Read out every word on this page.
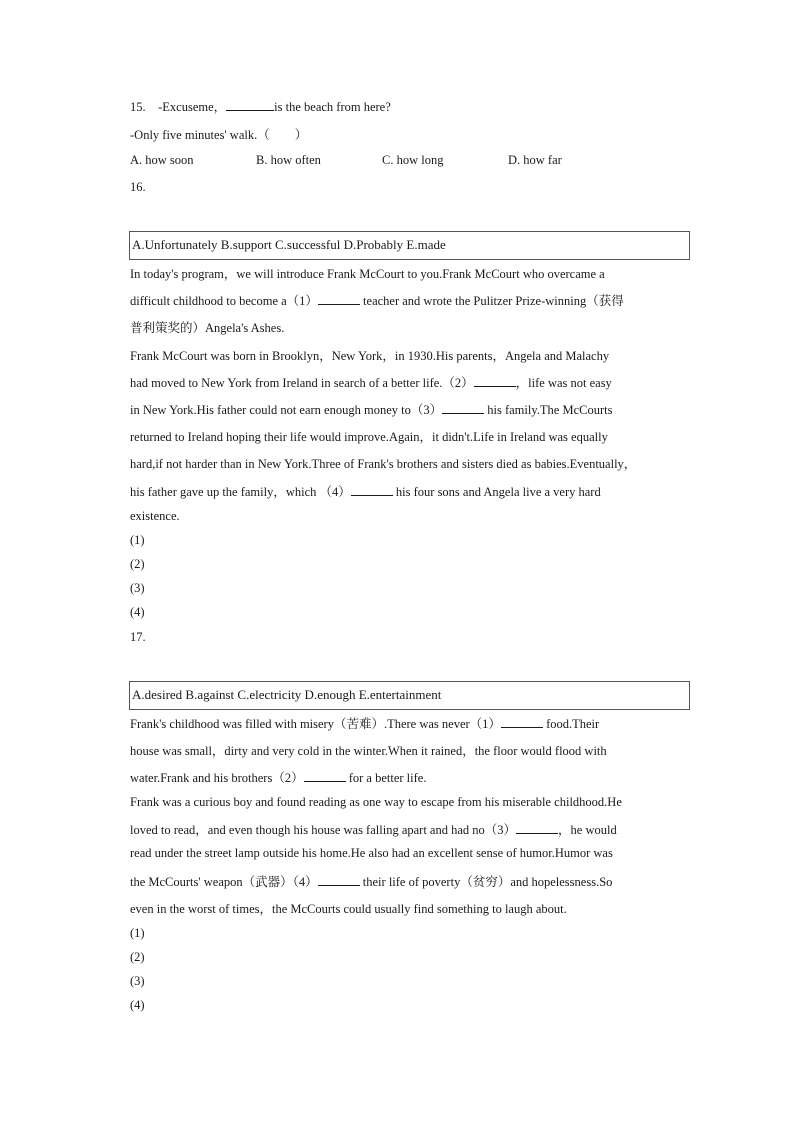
15. -Excuseme，	is the beach from here?
-Only five minutes' walk.（　　）
A. how soon	B. how often	C. how long	D. how far
16.
A.Unfortunately B.support C.successful D.Probably E.made
In today's program，we will introduce Frank McCourt to you.Frank McCourt who overcame a
difficult childhood to become a（1）	teacher and wrote the Pulitzer Prize-winning（获得
普利策奖的）Angela's Ashes.
Frank McCourt was born in Brooklyn，New York，in 1930.His parents，Angela and Malachy
had moved to New York from Ireland in search of a better life.（2）	，life was not easy
in New York.His father could not earn enough money to（3）	his family.The McCourts
returned to Ireland hoping their life would improve.Again，it didn't.Life in Ireland was equally
hard,if not harder than in New York.Three of Frank's brothers and sisters died as babies.Eventually，
his father gave up the family，which （4）	his four sons and Angela live a very hard
existence.
(1)
(2)
(3)
(4)
17.
A.desired B.against C.electricity D.enough E.entertainment
Frank's childhood was filled with misery（苦难）.There was never（1）	food.Their
house was small，dirty and very cold in the winter.When it rained，the floor would flood with
water.Frank and his brothers（2）	for a better life.
Frank was a curious boy and found reading as one way to escape from his miserable childhood.He
loved to read，and even though his house was falling apart and had no（3）	，he would
read under the street lamp outside his home.He also had an excellent sense of humor.Humor was
the McCourts' weapon（武器）（4）	their life of poverty（贫穷）and hopelessness.So
even in the worst of times，the McCourts could usually find something to laugh about.
(1)
(2)
(3)
(4)
